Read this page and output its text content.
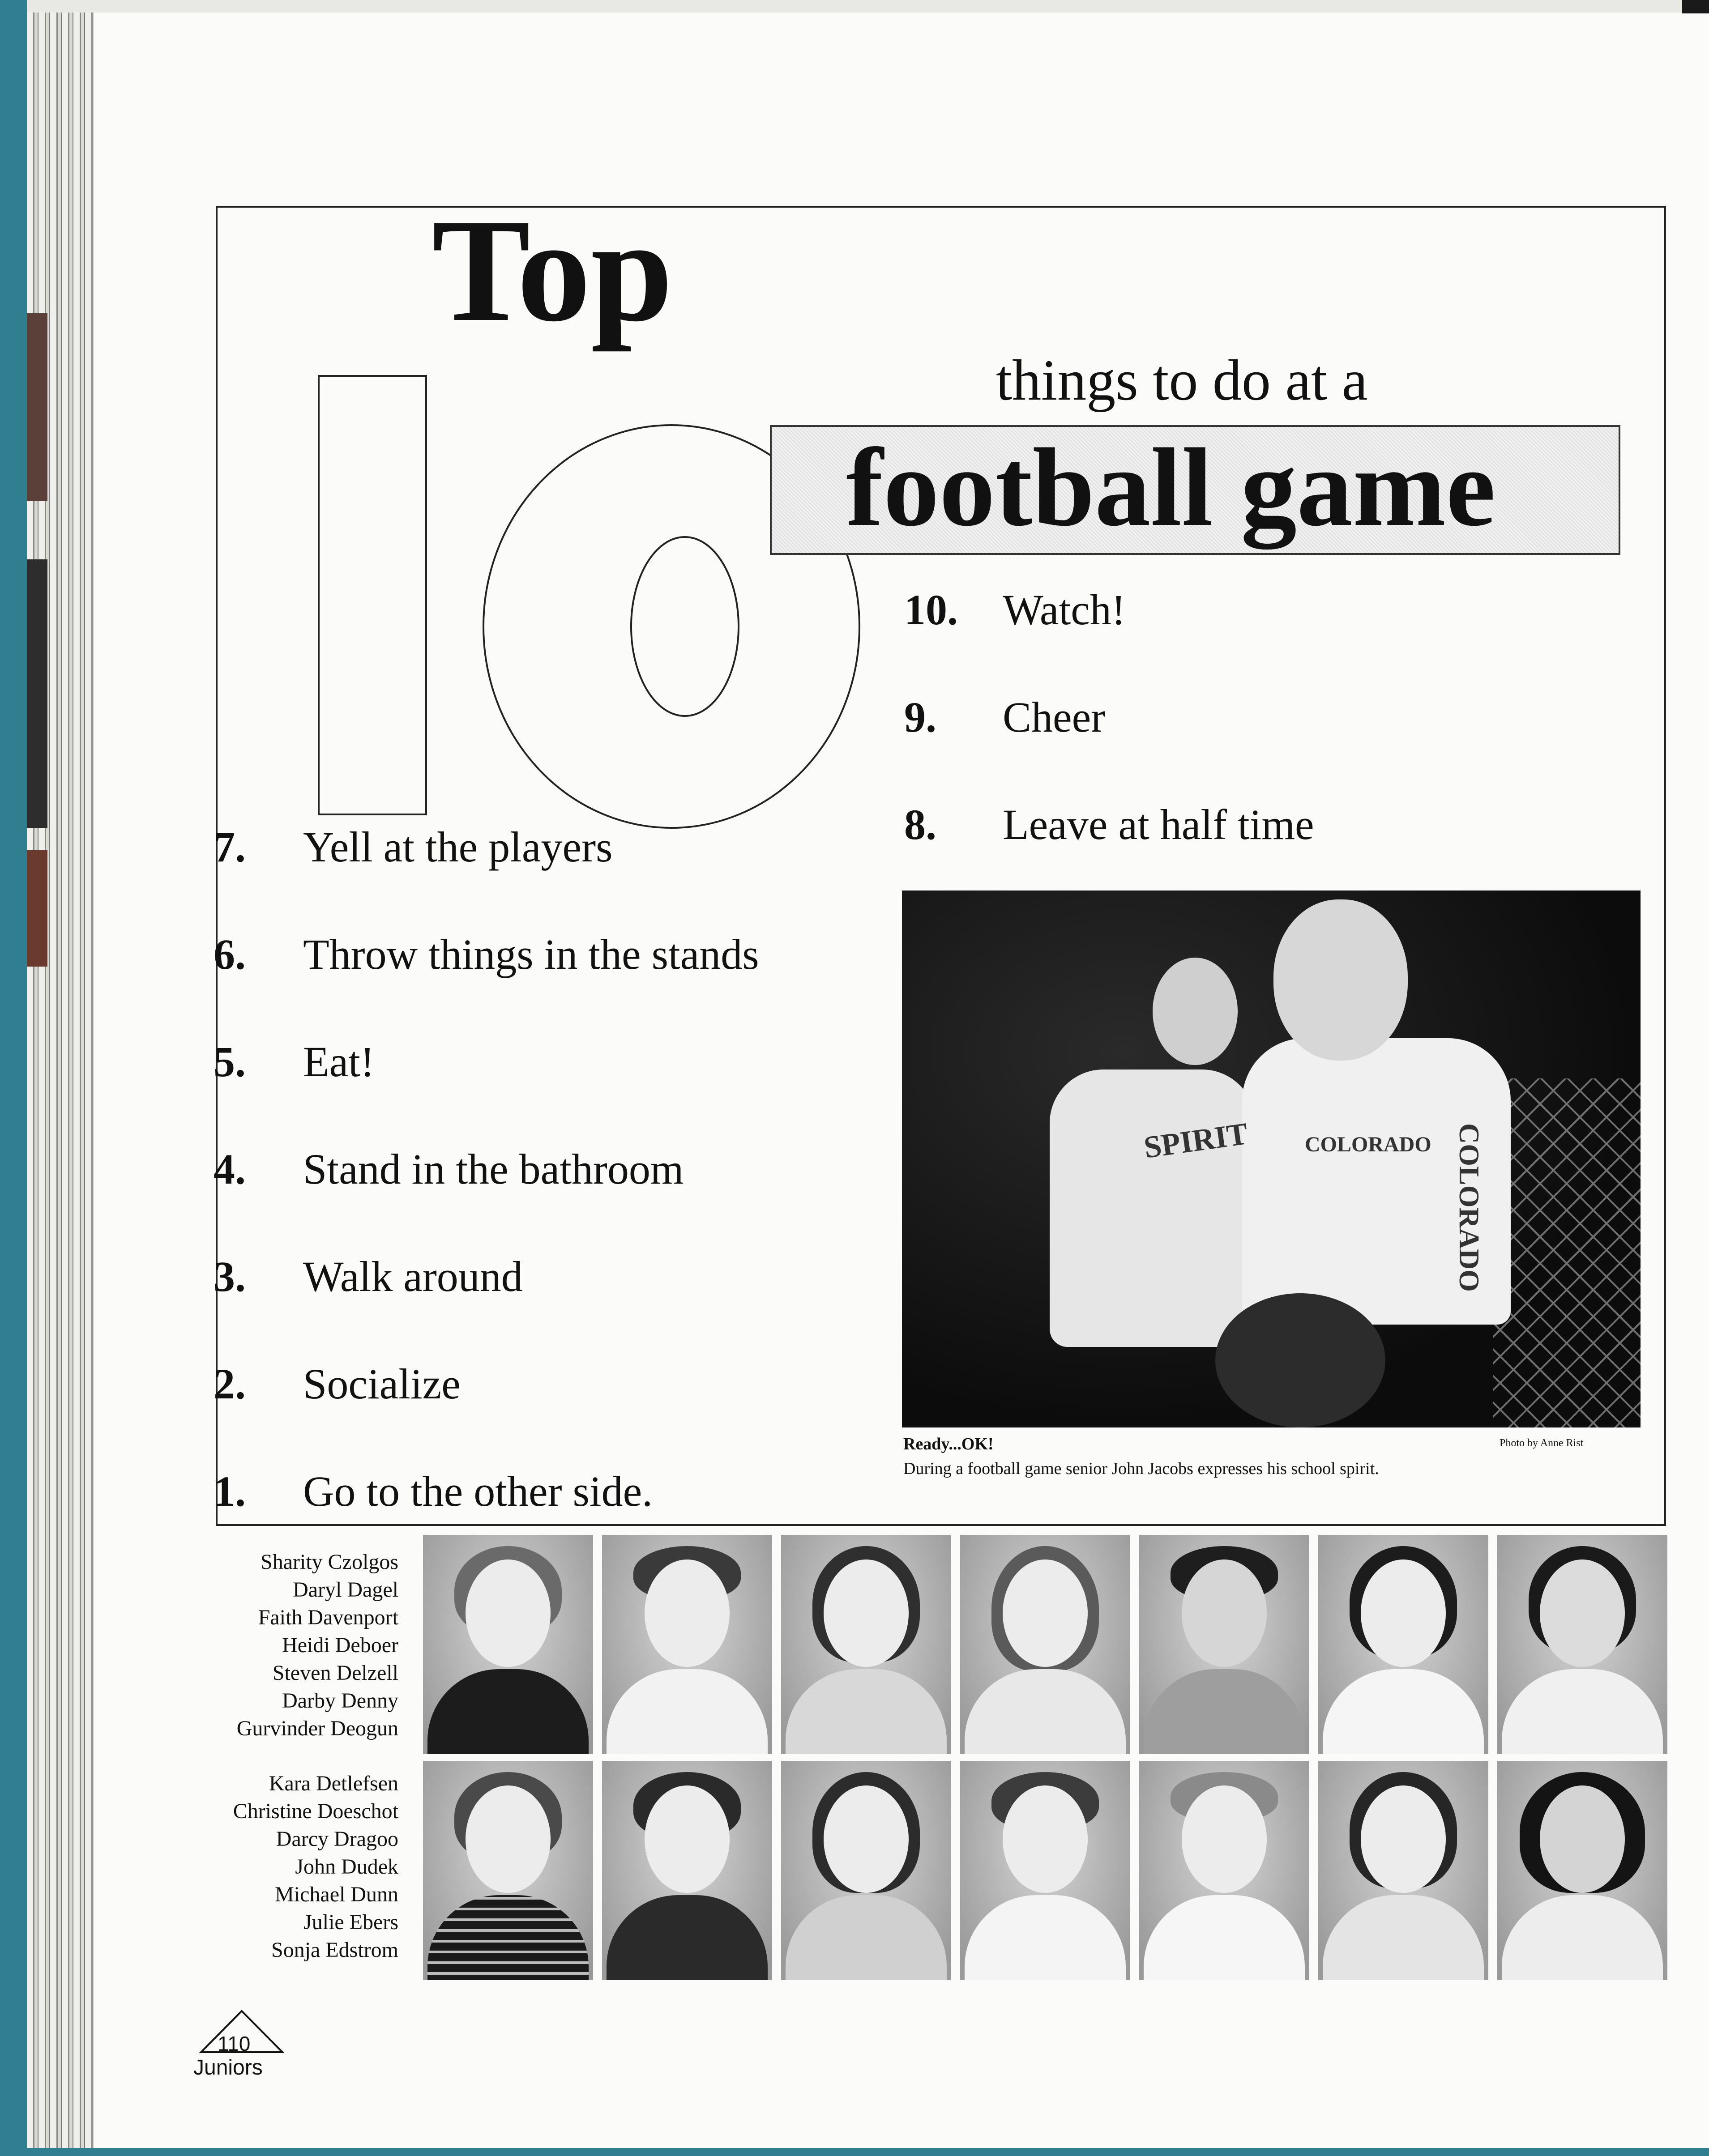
Top
things to do at a
football game
10. Watch!
9. Cheer
8. Leave at half time
7. Yell at the players
6. Throw things in the stands
5. Eat!
4. Stand in the bathroom
3. Walk around
2. Socialize
1. Go to the other side.
SPIRIT	COLORADO COLORADO
Ready...OK!	Photo by Anne Rist
During a football game senior John Jacobs expresses his school spirit.
Sharity Czolgos
Daryl Dagel
Faith Davenport
Heidi Deboer
Steven Delzell
Darby Denny
Gurvinder Deogun
Kara Detlefsen
Christine Doeschot
Darcy Dragoo
John Dudek
Michael Dunn
Julie Ebers
Sonja Edstrom
110
Juniors
